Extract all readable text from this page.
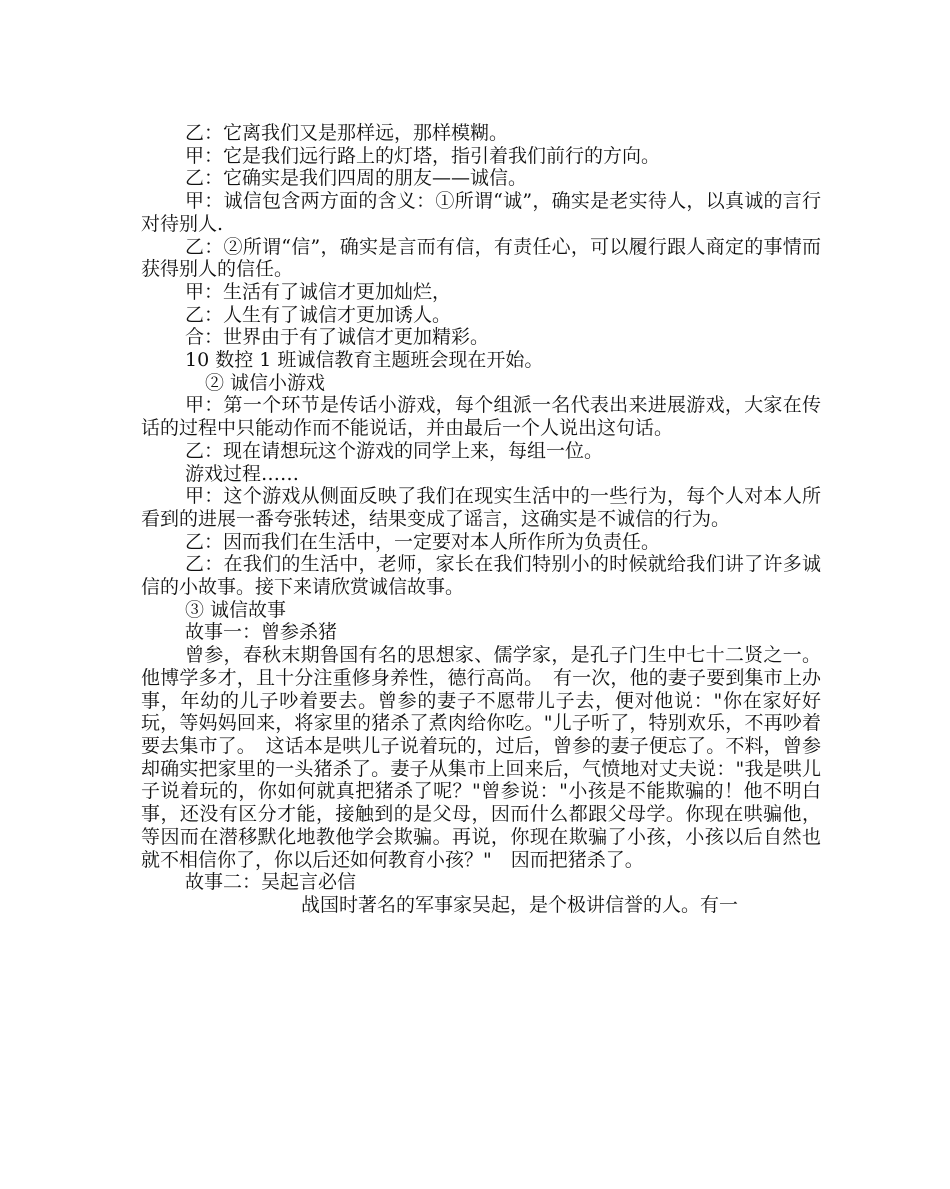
乙：它离我们又是那样远，那样模糊。

甲：它是我们远行路上的灯塔，指引着我们前行的方向。

乙：它确实是我们四周的朋友——诚信。

甲：诚信包含两方面的含义：①所谓“诚”，确实是老实待人，以真诚的言行对待别人.

乙：②所谓“信”，确实是言而有信，有责任心，可以履行跟人商定的事情而获得别人的信任。

甲：生活有了诚信才更加灿烂，

乙：人生有了诚信才更加诱人。

合：世界由于有了诚信才更加精彩。

10 数控 1 班诚信教育主题班会现在开始。

② 诚信小游戏

甲：第一个环节是传话小游戏，每个组派一名代表出来进展游戏，大家在传话的过程中只能动作而不能说话，并由最后一个人说出这句话。

乙：现在请想玩这个游戏的同学上来，每组一位。

游戏过程……

甲：这个游戏从侧面反映了我们在现实生活中的一些行为，每个人对本人所看到的进展一番夸张转述，结果变成了谣言，这确实是不诚信的行为。

乙：因而我们在生活中，一定要对本人所作所为负责任。

乙：在我们的生活中，老师，家长在我们特别小的时候就给我们讲了许多诚信的小故事。接下来请欣赏诚信故事。

③ 诚信故事

故事一：曾参杀猪

曾参，春秋末期鲁国有名的思想家、儒学家，是孔子门生中七十二贤之一。他博学多才，且十分注重修身养性，德行高尚。　有一次，他的妻子要到集市上办事，年幼的儿子吵着要去。曾参的妻子不愿带儿子去，便对他说："你在家好好玩，等妈妈回来，将家里的猪杀了煮肉给你吃。"儿子听了，特别欢乐，不再吵着要去集市了。　这话本是哄儿子说着玩的，过后，曾参的妻子便忘了。不料，曾参却确实把家里的一头猪杀了。妻子从集市上回来后，气愤地对丈夫说："我是哄儿子说着玩的，你如何就真把猪杀了呢？"曾参说："小孩是不能欺骗的！他不明白事，还没有区分才能，接触到的是父母，因而什么都跟父母学。你现在哄骗他，等因而在潜移默化地教他学会欺骗。再说，你现在欺骗了小孩，小孩以后自然也就不相信你了，你以后还如何教育小孩？"　因而把猪杀了。

故事二：吴起言必信

战国时著名的军事家吴起，是个极讲信誉的人。有一
